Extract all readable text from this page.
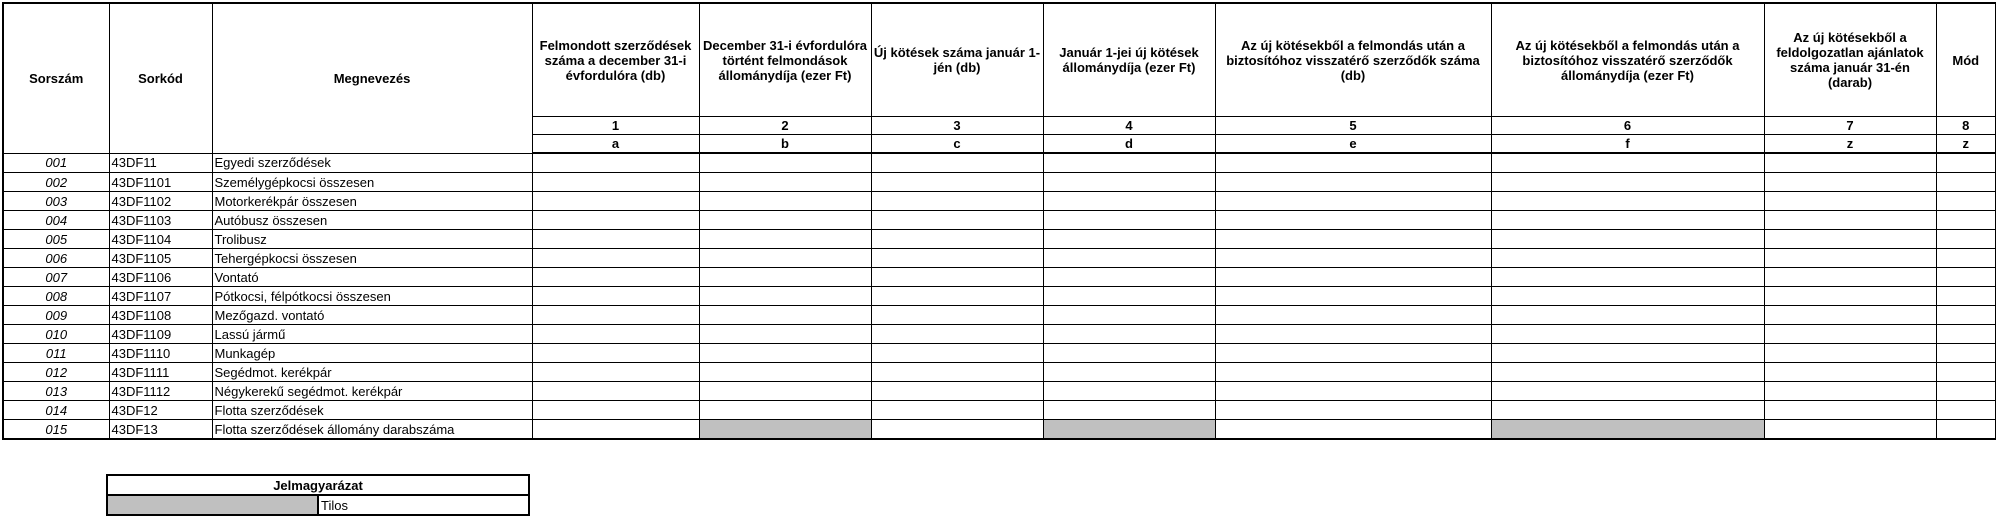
Sorszám	Sorkód	Megnevezés	Felmondott szerződések száma a december 31-i évfordulóra (db)	December 31-i évfordulóra történt felmondások állománydíja (ezer Ft)	Új kötések száma január 1-jén (db)	Január 1-jei új kötések állománydíja (ezer Ft)	Az új kötésekből a felmondás után a biztosítóhoz visszatérő szerződők száma (db)	Az új kötésekből a felmondás után a biztosítóhoz visszatérő szerződők állománydíja (ezer Ft)	Az új kötésekből a feldolgozatlan ajánlatok száma január 31-én (darab)	Mód
			1	2	3	4	5	6	7	8
			a	b	c	d	e	f	z	z
001	43DF11	Egyedi szerződések								
002	43DF1101	Személygépkocsi összesen								
003	43DF1102	Motorkerékpár összesen								
004	43DF1103	Autóbusz összesen								
005	43DF1104	Trolibusz								
006	43DF1105	Tehergépkocsi összesen								
007	43DF1106	Vontató								
008	43DF1107	Pótkocsi, félpótkocsi összesen								
009	43DF1108	Mezőgazd. vontató								
010	43DF1109	Lassú jármű								
011	43DF1110	Munkagép								
012	43DF1111	Segédmot. kerékpár								
013	43DF1112	Négykerekű segédmot. kerékpár								
014	43DF12	Flotta szerződések								
015	43DF13	Flotta szerződések állomány darabszáma								
Jelmagyarázat
	Tilos
